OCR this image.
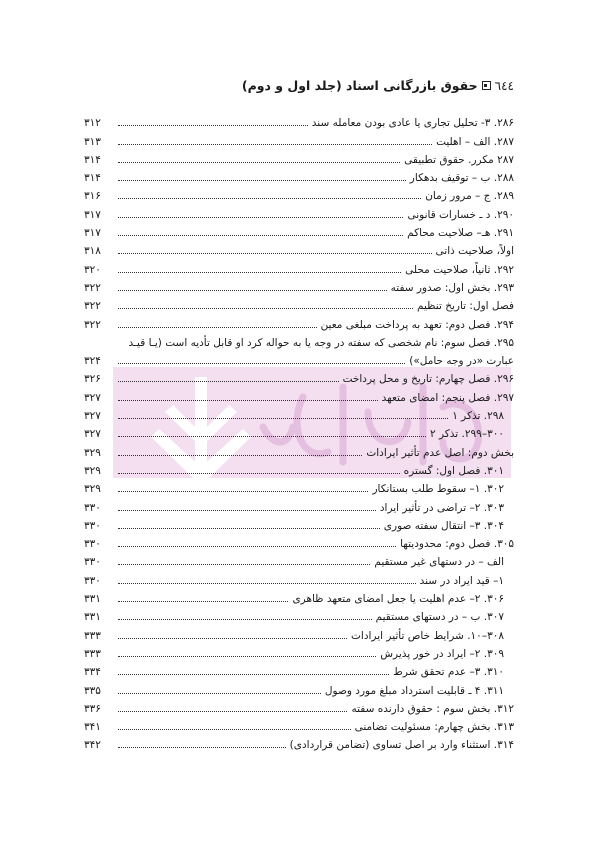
٦٤٤
حقوق بازرگانی اسناد (جلد اول و دوم)
۲۸۶. ۳- تحلیل تجاری یا عادی بودن معامله سند
۳۱۲
۲۸۷. الف – اهلیت
۳۱۳
۲۸۷ مکرر. حقوق تطبیقی
۳۱۴
۲۸۸. ب – توقیف بدهکار
۳۱۴
۲۸۹. ج – مرور زمان
۳۱۶
۲۹۰. د ـ خسارات قانونی
۳۱۷
۲۹۱. هـ– صلاحیت محاکم
۳۱۷
اولاً، صلاحیت ذاتی
۳۱۸
۲۹۲. ثانیاً، صلاحیت محلی
۳۲۰
۲۹۳. بخش اول: صدور سفته
۳۲۲
فصل اول: تاریخ تنظیم
۳۲۲
۲۹۴. فصل دوم: تعهد به پرداخت مبلغی معین
۳۲۲
۲۹۵. فصل سوم: نام شخصی که سفته در وجه یا به حواله کرد او قابل تأدیه است (یـا قیـد
عبارت «در وجه حامل»)
۳۲۴
۲۹۶. فصل چهارم: تاریخ و محل پرداخت
۳۲۶
۲۹۷. فصل پنجم: امضای متعهد
۳۲۷
۲۹۸. تذکر ۱
۳۲۷
۳۰۰–۲۹۹. تذکر ۲
۳۲۷
بخش دوم: اصل عدم تأثیر ایرادات
۳۲۹
۳۰۱. فصل اول: گستره
۳۲۹
۳۰۲. ۱– سقوط طلب بستانکار
۳۲۹
۳۰۳. ۲– تراضی در تأثیر ایراد
۳۳۰
۳۰۴. ۳– انتقال سفته صوری
۳۳۰
۳۰۵. فصل دوم: محدودیتها
۳۳۰
الف – در دستهای غیر مستقیم
۳۳۰
۱– قید ایراد در سند
۳۳۰
۳۰۶. ۲– عدم اهلیت یا جعل امضای متعهد ظاهری
۳۳۱
۳۰۷. ب – در دستهای مستقیم
۳۳۱
۳۰۸–۱۰. شرایط خاص تأثیر ایرادات
۳۳۳
۳۰۹. ۲– ایراد در خور پذیرش
۳۳۳
۳۱۰. ۳– عدم تحقق شرط
۳۳۴
۳۱۱. ۴ ـ قابلیت استرداد مبلغ مورد وصول
۳۳۵
۳۱۲. بخش سوم : حقوق دارنده سفته
۳۳۶
۳۱۳. بخش چهارم: مسئولیت تضامنی
۳۴۱
۳۱۴. استثناء وارد بر اصل تساوی (تضامن قراردادی)
۳۴۲
